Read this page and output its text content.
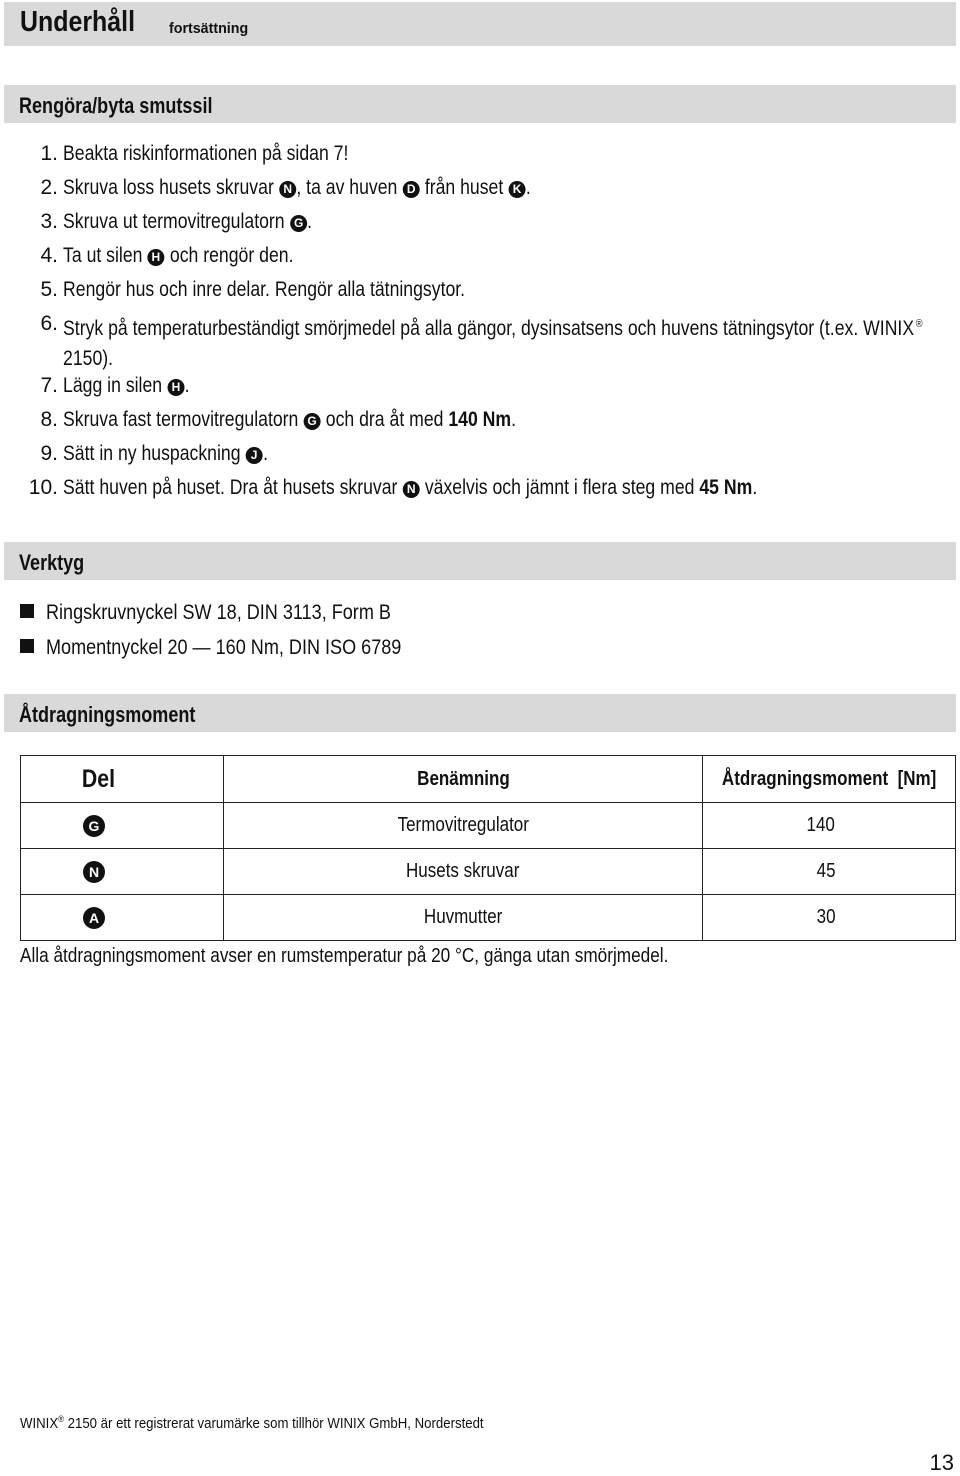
Underhåll fortsättning
Rengöra/byta smutssil
1. Beakta riskinformationen på sidan 7!
2. Skruva loss husets skruvar N , ta av huven D från huset K .
3. Skruva ut termovitregulatorn G .
4. Ta ut silen H och rengör den.
5. Rengör hus och inre delar. Rengör alla tätningsytor.
6. Stryk på temperaturbeständigt smörjmedel på alla gängor, dysinsatsens och huvens tätningsytor (t.ex. WINIX ® 2150).
7. Lägg in silen H .
8. Skruva fast termovitregulatorn G och dra åt med 140 Nm.
9. Sätt in ny huspackning J .
10. Sätt huven på huset. Dra åt husets skruvar N växelvis och jämnt i flera steg med 45 Nm.
Verktyg
Ringskruvnyckel SW 18, DIN 3113, Form B
Momentnyckel 20 — 160 Nm, DIN ISO 6789
Åtdragningsmoment
Del	Benämning	Åtdragningsmoment  [Nm]
G	Termovitregulator	140
N	Husets skruvar	45
A	Huvmutter	30
Alla åtdragningsmoment avser en rumstemperatur på 20 °C, gänga utan smörjmedel.
WINIX® 2150 är ett registrerat varumärke som tillhör WINIX GmbH, Norderstedt
13
